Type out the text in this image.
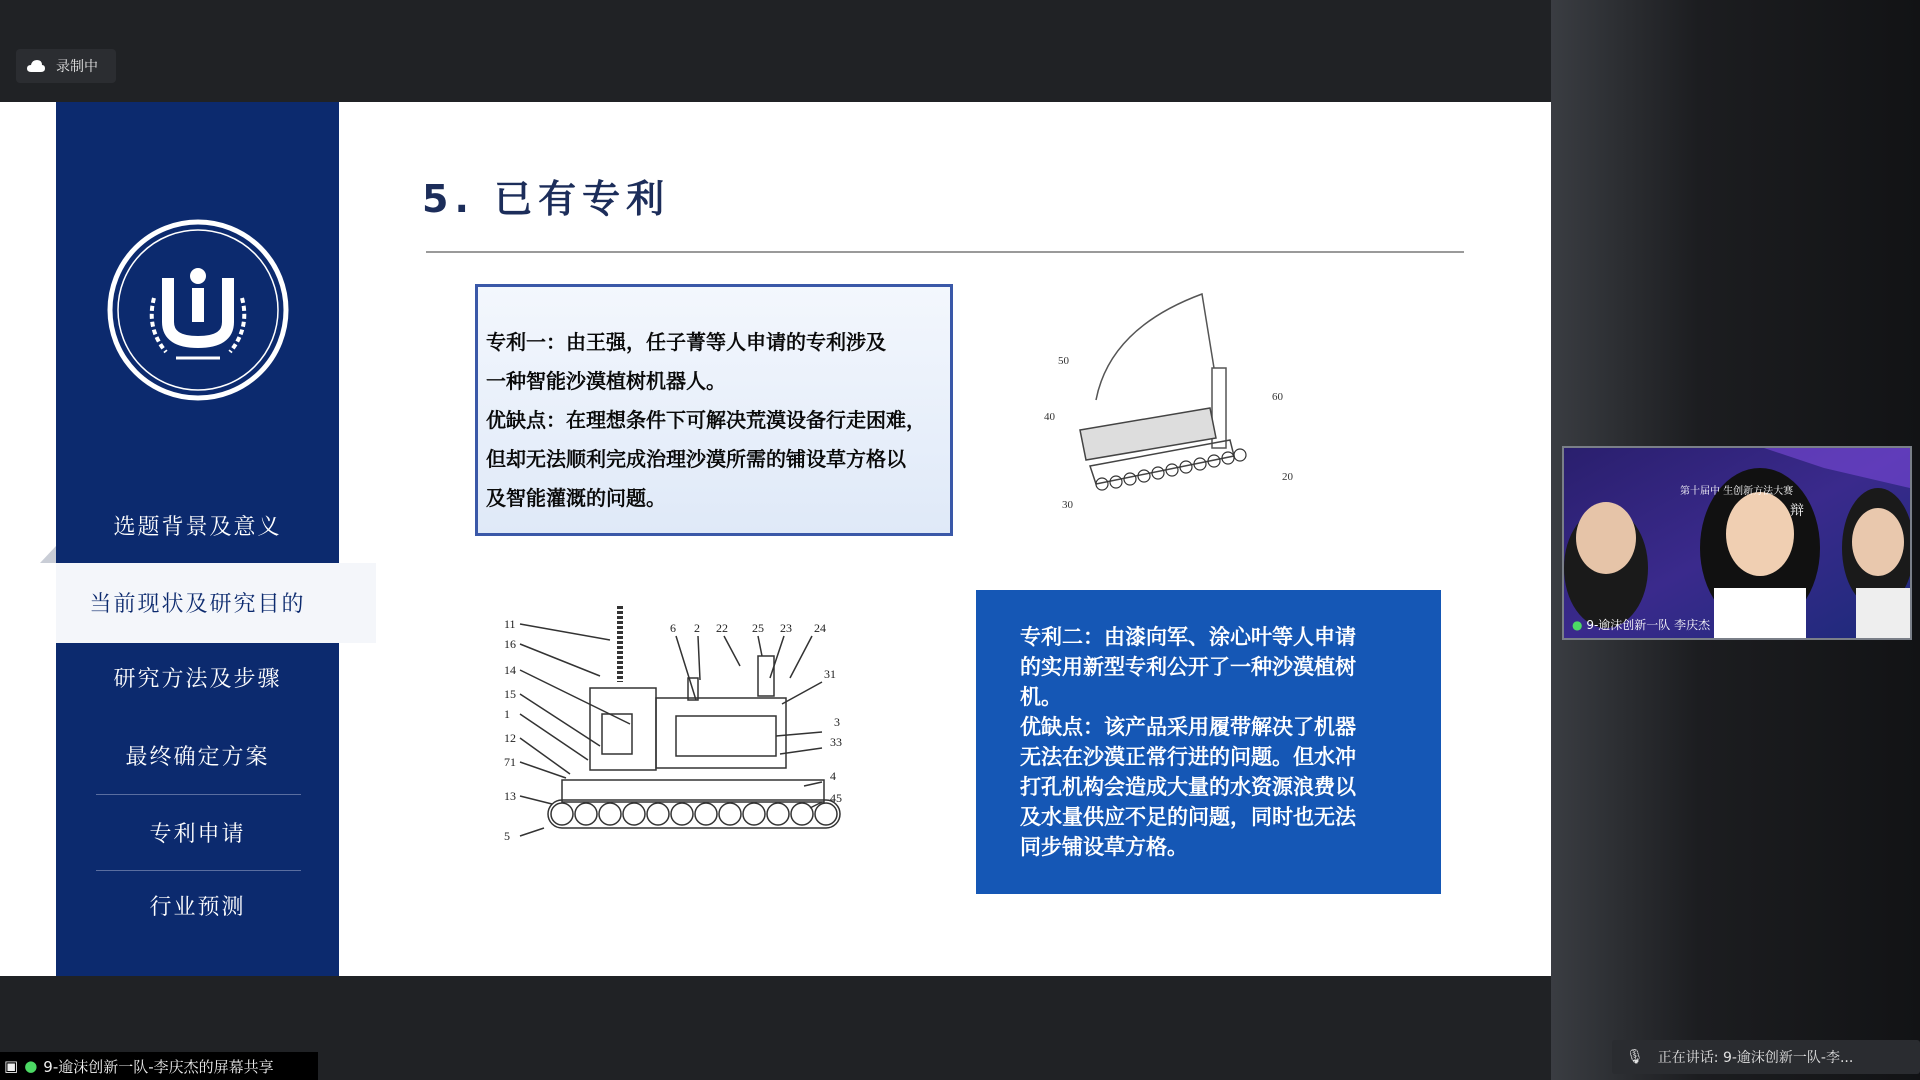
录制中
选题背景及意义
研究方法及步骤
最终确定方案
专利申请
行业预测
当前现状及研究目的
5. 已有专利
专利一：由王强，任子菁等人申请的专利涉及
一种智能沙漠植树机器人。
优缺点：在理想条件下可解决荒漠设备行走困难，
但却无法顺利完成治理沙漠所需的铺设草方格以
及智能灌溉的问题。
50
60
40
20
30
11
16
14
15
1
12
71
13
5
6 2 22 25 23 24
31
3
33
4
45
专利二：由漆向军、涂心叶等人申请
的实用新型专利公开了一种沙漠植树
机。
优缺点：该产品采用履带解决了机器
无法在沙漠正常行进的问题。但水冲
打孔机构会造成大量的水资源浪费以
及水量供应不足的问题，同时也无法
同步铺设草方格。
第十届中 生创新方法大赛
辩
● 9-逾沫创新一队 李庆杰
▣ ● 9-逾沫创新一队-李庆杰的屏幕共享
🎙 正在讲话: 9-逾沫创新一队-李...
